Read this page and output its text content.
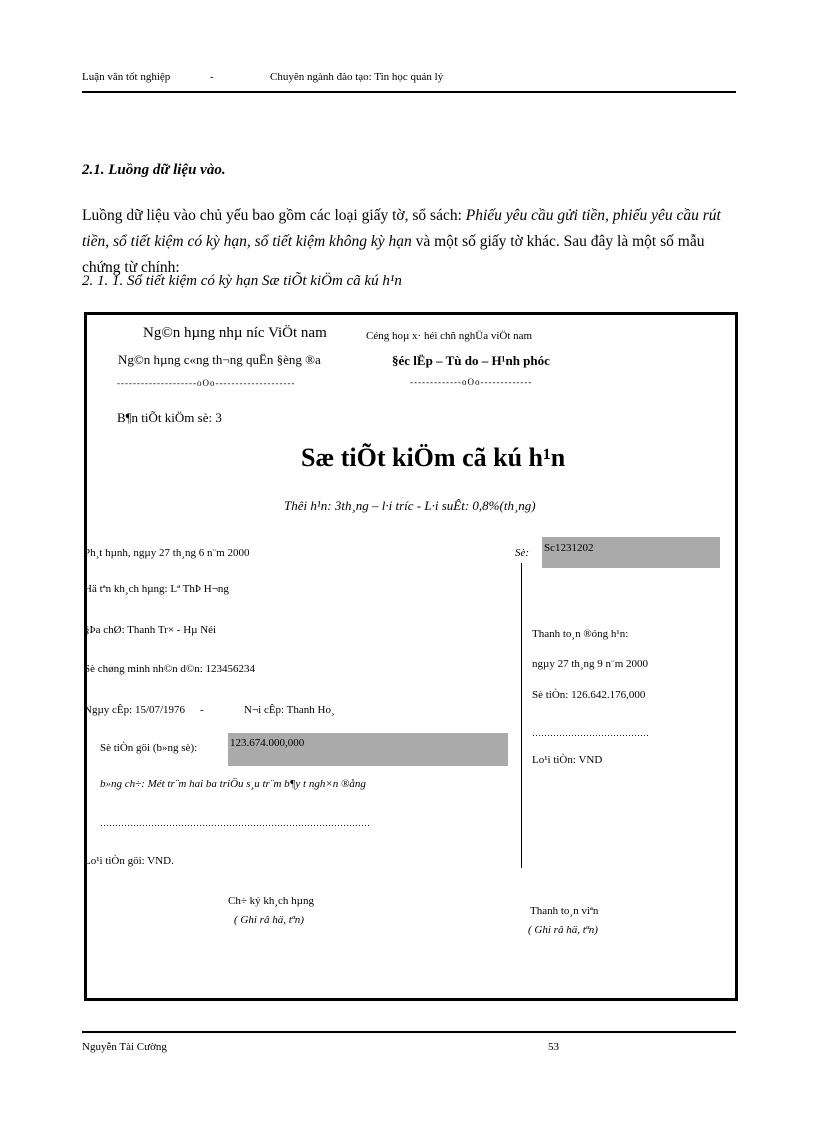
Luận văn tốt nghiệp	-	Chuyên ngành đào tạo: Tin học quản lý
2.1. Luồng dữ liệu vào.
Luồng dữ liệu vào chủ yếu bao gồm các loại giấy tờ, sổ sách: Phiếu yêu cầu gửi tiền, phiếu yêu cầu rút tiền, sổ tiết kiệm có kỳ hạn, sổ tiết kiệm không kỳ hạn và một số giấy tờ khác. Sau đây là một số mẫu chứng từ chính:
2. 1. 1. Sổ tiết kiệm có kỳ hạn Sæ tiÕt kiÖm cã kú h¹n
Ng©n hµng nhµ níc ViÖt nam
Ng©n hµng c«ng th¬ng quËn §èng ®a
--------------------oOo--------------------
Céng hoµ x· héi chñ nghÜa viÖt nam
§éc lËp – Tù do – H¹nh phóc
-------------oOo-------------
B¶n tiÕt kiÖm sè: 3
Sæ tiÕt kiÖm cã kú h¹n
Thêi h¹n: 3th¸ng – l·i tríc - L·i suÊt: 0,8%(th¸ng)
Ph¸t hµnh, ngµy 27 th¸ng 6 n¨m 2000	Sè: Sc1231202
Hä tªn kh¸ch hµng: Lª ThÞ H¬ng
§Þa chØ: Thanh Tr× - Hµ Néi
Sè chøng minh nh©n d©n: 123456234
Ngµy cÊp: 15/07/1976 -	N¬i cÊp: Thanh Ho¸
Sè tiÒn göi (b»ng sè):	123.674.000,000
b»ng ch÷: Mét tr¨m hai ba triÖu s¸u tr¨m b¶y t ngh×n ®ång
………………………………………………………………………………
Lo¹i tiÒn göi: VND.
Ch÷ ký kh¸ch hµng
( Ghi râ hä, tªn)
Thanh to¸n ®óng h¹n:
ngµy 27 th¸ng 9 n¨m 2000
Sè tiÒn: 126.642.176,000
…………………………………
Lo¹i tiÒn: VND
Thanh to¸n viªn
( Ghi râ hä, tªn)
Nguyễn Tài Cường	53
